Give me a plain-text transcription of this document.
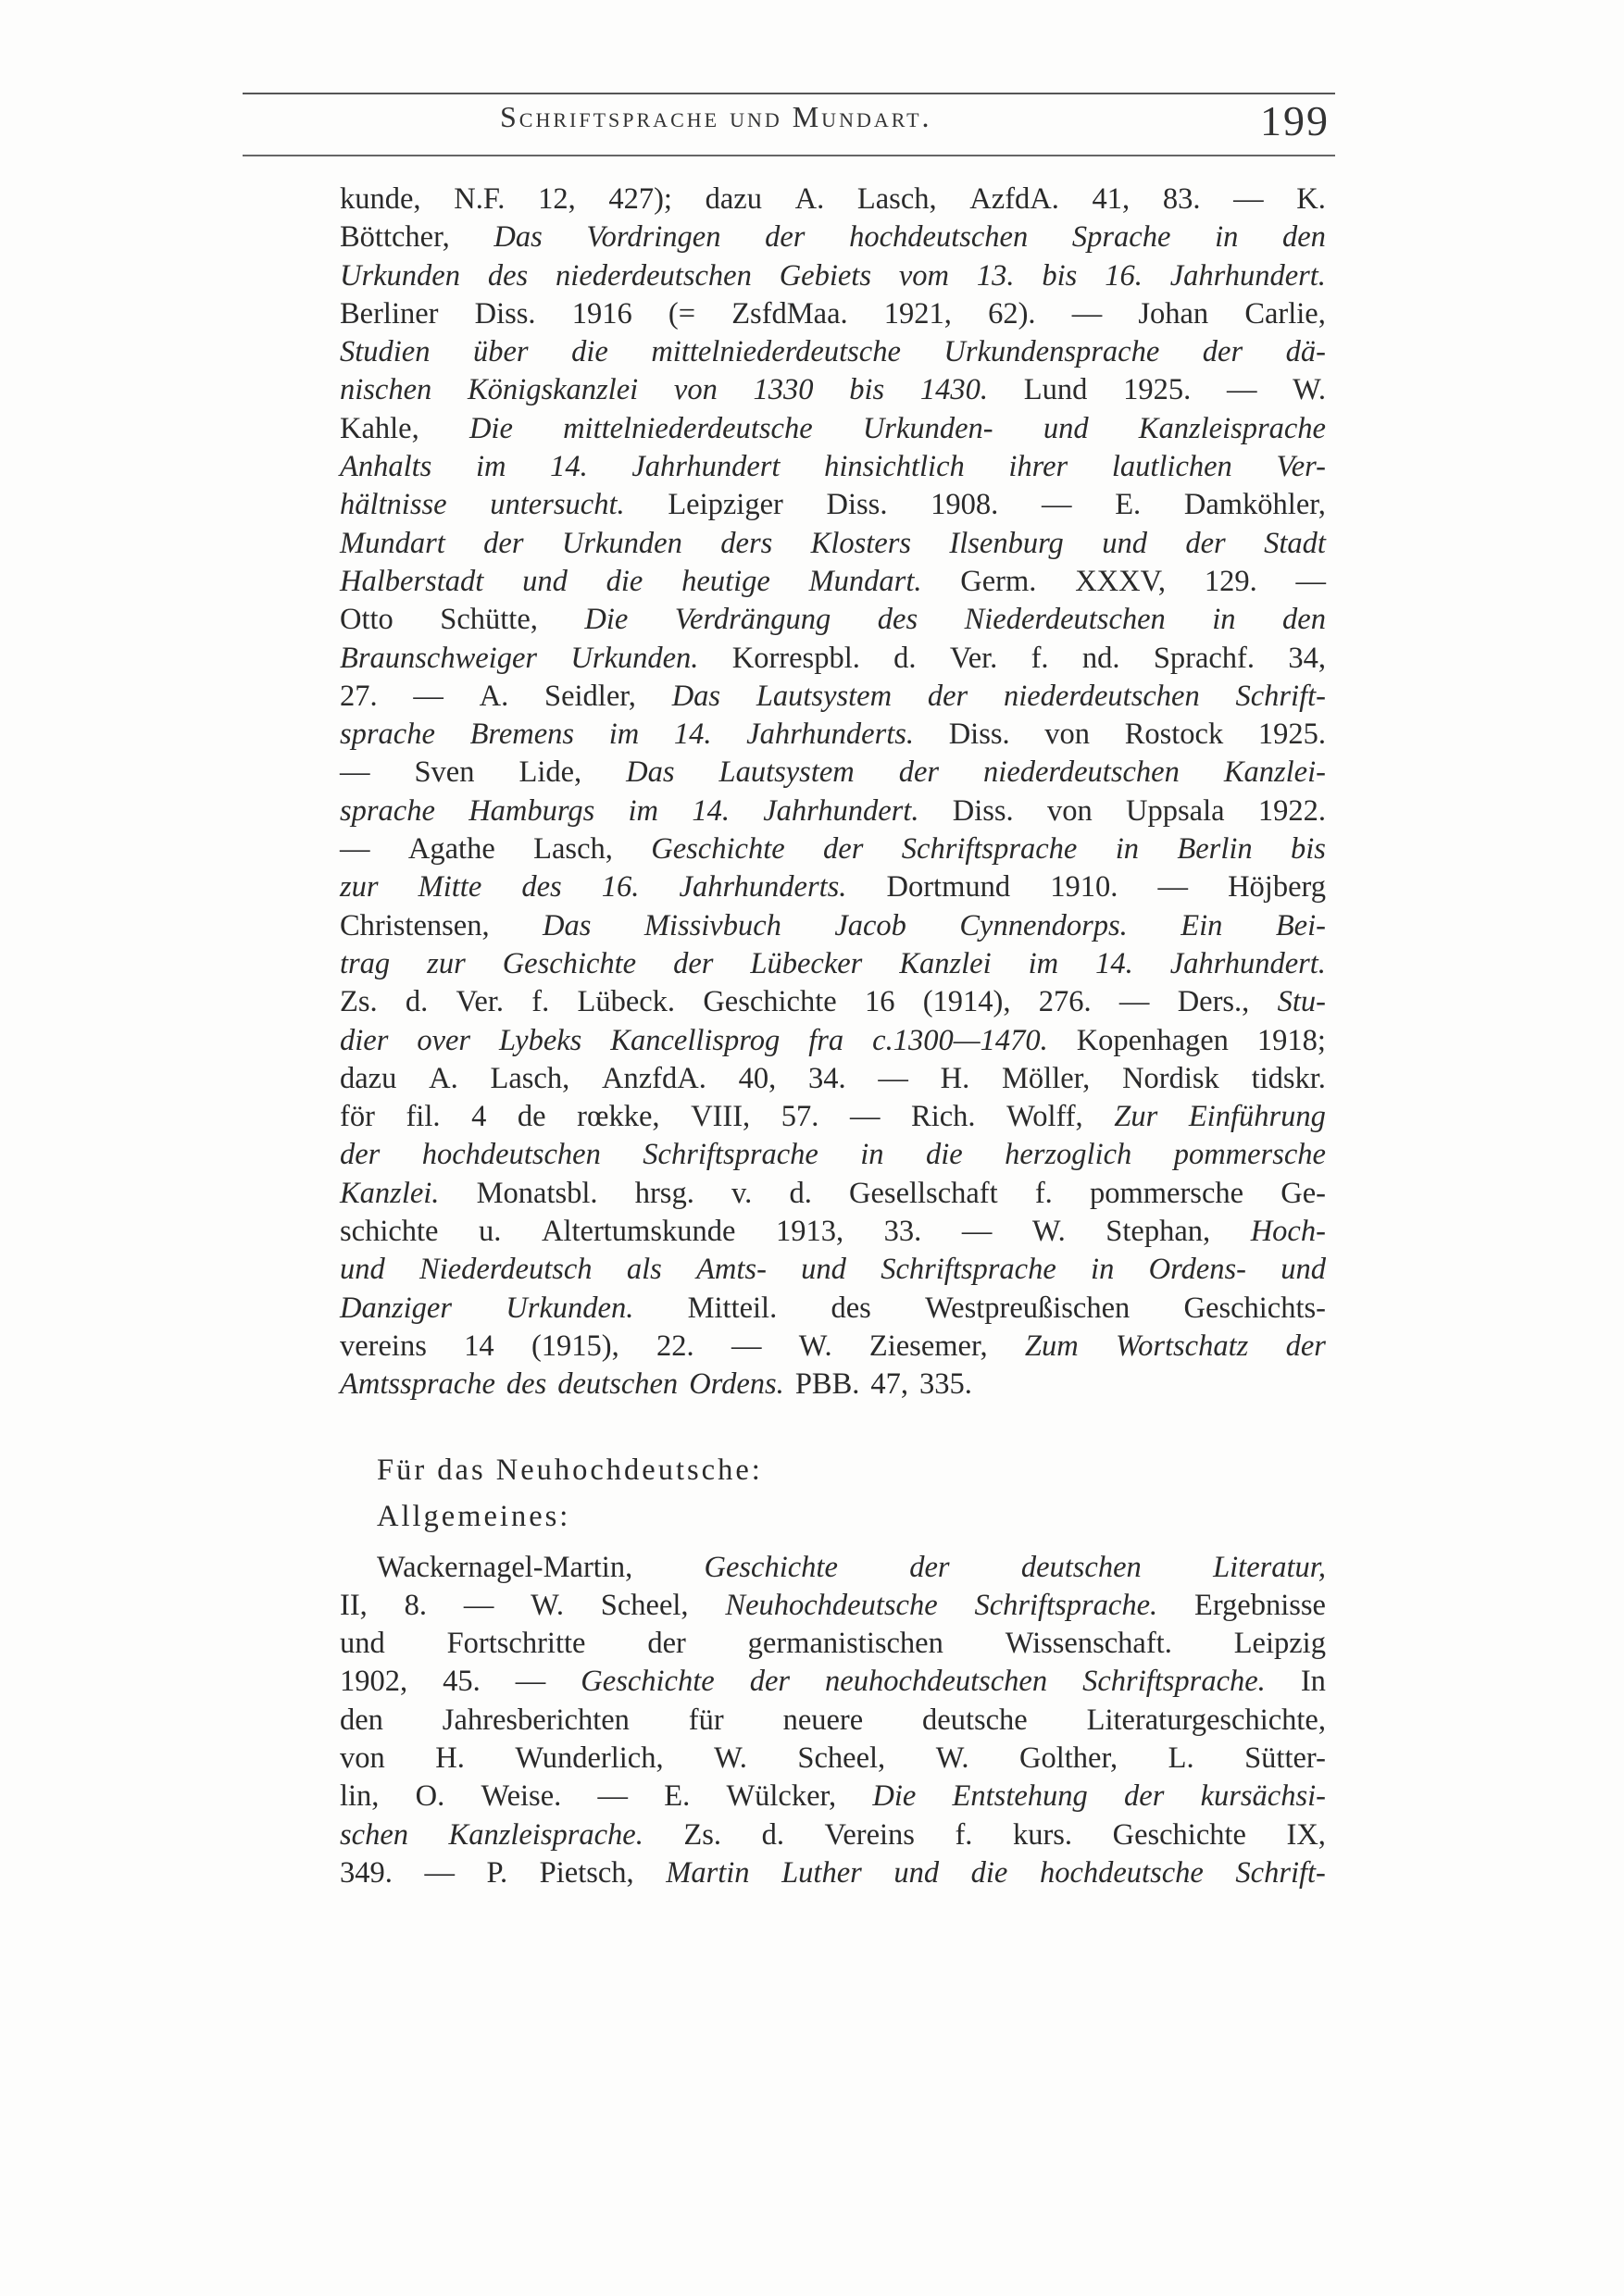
Schriftsprache und Mundart.	199
kunde, N.F. 12, 427); dazu A. Lasch, AzfdA. 41, 83. — K.
Böttcher, Das Vordringen der hochdeutschen Sprache in den
Urkunden des niederdeutschen Gebiets vom 13. bis 16. Jahrhundert.
Berliner Diss. 1916 (= ZsfdMaa. 1921, 62). — Johan Carlie,
Studien über die mittelniederdeutsche Urkundensprache der dä-
nischen Königskanzlei von 1330 bis 1430. Lund 1925. — W.
Kahle, Die mittelniederdeutsche Urkunden- und Kanzleisprache
Anhalts im 14. Jahrhundert hinsichtlich ihrer lautlichen Ver-
hältnisse untersucht. Leipziger Diss. 1908. — E. Damköhler,
Mundart der Urkunden ders Klosters Ilsenburg und der Stadt
Halberstadt und die heutige Mundart. Germ. XXXV, 129. —
Otto Schütte, Die Verdrängung des Niederdeutschen in den
Braunschweiger Urkunden. Korrespbl. d. Ver. f. nd. Sprachf. 34,
27. — A. Seidler, Das Lautsystem der niederdeutschen Schrift-
sprache Bremens im 14. Jahrhunderts. Diss. von Rostock 1925.
— Sven Lide, Das Lautsystem der niederdeutschen Kanzlei-
sprache Hamburgs im 14. Jahrhundert. Diss. von Uppsala 1922.
— Agathe Lasch, Geschichte der Schriftsprache in Berlin bis
zur Mitte des 16. Jahrhunderts. Dortmund 1910. — Höjberg
Christensen, Das Missivbuch Jacob Cynnendorps. Ein Bei-
trag zur Geschichte der Lübecker Kanzlei im 14. Jahrhundert.
Zs. d. Ver. f. Lübeck. Geschichte 16 (1914), 276. — Ders., Stu-
dier over Lybeks Kancellisprog fra c.1300—1470. Kopenhagen 1918;
dazu A. Lasch, AnzfdA. 40, 34. — H. Möller, Nordisk tidskr.
för fil. 4 de rœkke, VIII, 57. — Rich. Wolff, Zur Einführung
der hochdeutschen Schriftsprache in die herzoglich pommersche
Kanzlei. Monatsbl. hrsg. v. d. Gesellschaft f. pommersche Ge-
schichte u. Altertumskunde 1913, 33. — W. Stephan, Hoch-
und Niederdeutsch als Amts- und Schriftsprache in Ordens- und
Danziger Urkunden. Mitteil. des Westpreußischen Geschichts-
vereins 14 (1915), 22. — W. Ziesemer, Zum Wortschatz der
Amtssprache des deutschen Ordens. PBB. 47, 335.
Für das Neuhochdeutsche:
Allgemeines:
Wackernagel-Martin, Geschichte der deutschen Literatur,
II, 8. — W. Scheel, Neuhochdeutsche Schriftsprache. Ergebnisse
und Fortschritte der germanistischen Wissenschaft. Leipzig
1902, 45. — Geschichte der neuhochdeutschen Schriftsprache. In
den Jahresberichten für neuere deutsche Literaturgeschichte,
von H. Wunderlich, W. Scheel, W. Golther, L. Sütter-
lin, O. Weise. — E. Wülcker, Die Entstehung der kursächsi-
schen Kanzleisprache. Zs. d. Vereins f. kurs. Geschichte IX,
349. — P. Pietsch, Martin Luther und die hochdeutsche Schrift-
